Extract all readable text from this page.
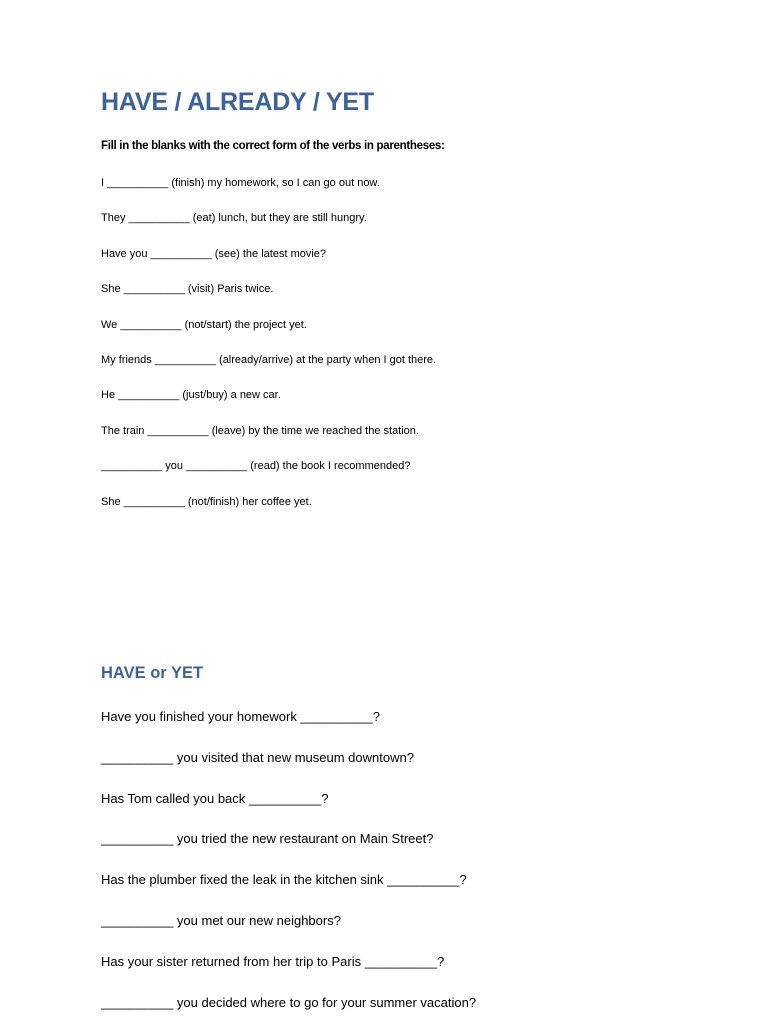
HAVE / ALREADY / YET

Fill in the blanks with the correct form of the verbs in parentheses:

I __________ (finish) my homework, so I can go out now.
They __________ (eat) lunch, but they are still hungry.
Have you __________ (see) the latest movie?
She __________ (visit) Paris twice.
We __________ (not/start) the project yet.
My friends __________ (already/arrive) at the party when I got there.
He __________ (just/buy) a new car.
The train __________ (leave) by the time we reached the station.
__________ you __________ (read) the book I recommended?
She __________ (not/finish) her coffee yet.
HAVE or YET
Have you finished your homework __________?
__________ you visited that new museum downtown?
Has Tom called you back __________?
__________ you tried the new restaurant on Main Street?
Has the plumber fixed the leak in the kitchen sink __________?
__________ you met our new neighbors?
Has your sister returned from her trip to Paris __________?
__________ you decided where to go for your summer vacation?
